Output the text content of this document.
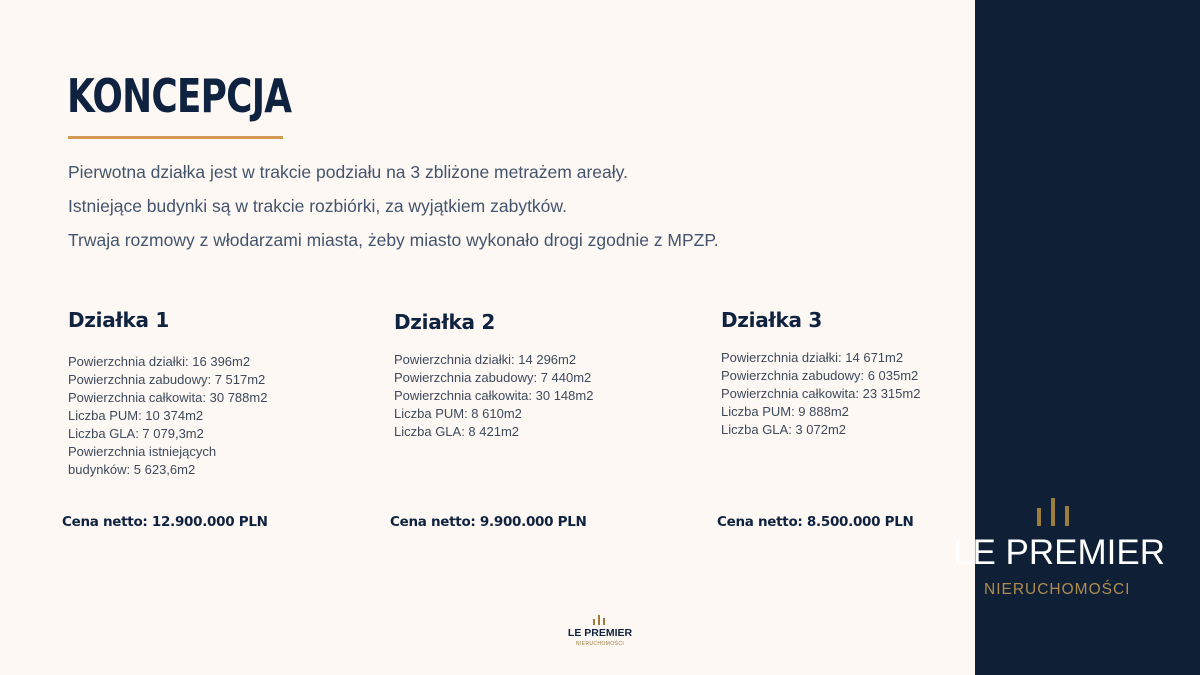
KONCEPCJA

Pierwotna działka jest w trakcie podziału na 3 zbliżone metrażem areały.

Istniejące budynki są w trakcie rozbiórki, za wyjątkiem zabytków.

Trwaja rozmowy z włodarzami miasta, żeby miasto wykonało drogi zgodnie z MPZP.

Działka 1

Powierzchnia działki: 16 396m2

Powierzchnia zabudowy: 7 517m2

Powierzchnia całkowita: 30 788m2

Liczba PUM: 10 374m2

Liczba GLA: 7 079,3m2

Powierzchnia istniejących
budynków: 5 623,6m2

Działka 2

Powierzchnia działki: 14 296m2

Powierzchnia zabudowy: 7 440m2

Powierzchnia całkowita: 30 148m2

Liczba PUM: 8 610m2

Liczba GLA: 8 421m2

Działka 3

Powierzchnia działki: 14 671m2

Powierzchnia zabudowy: 6 035m2

Powierzchnia całkowita: 23 315m2

Liczba PUM: 9 888m2

Liczba GLA: 3 072m2

Cena netto: 12.900.000 PLN	Cena netto: 9.900.000 PLN	Cena netto: 8.500.000 PLN

LE PREMIER

NIERUCHOMOŚCI

LE PREMIER

NIERUCHOMOŚCI
